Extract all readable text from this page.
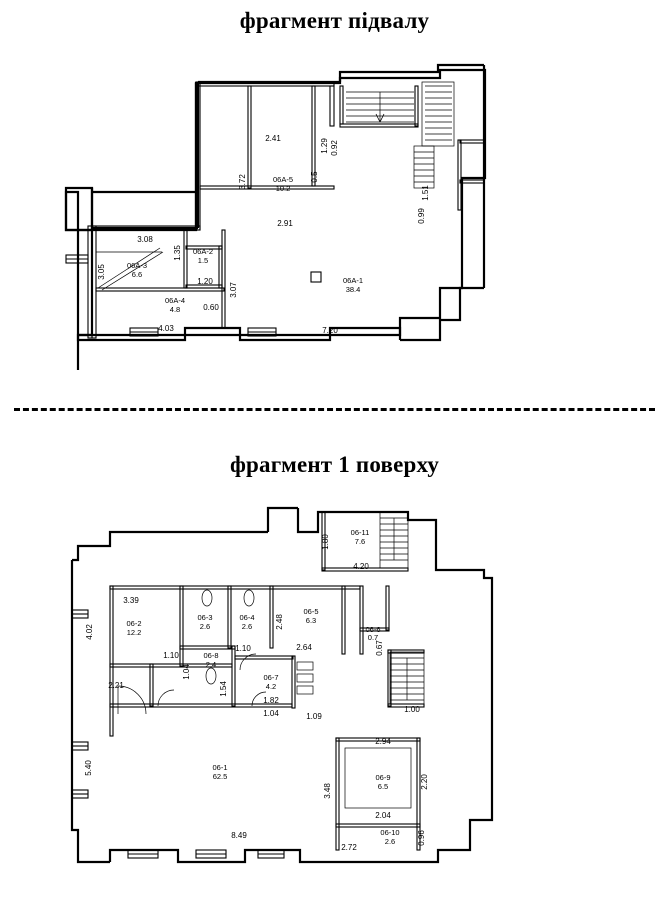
фрагмент підвалу
06A-1
38.4
06A-3
6.6
06A-4
4.8
06A-2
1.5
06A-5
10.2
2.41	1.29 0.92
3.72	0.5
1.51
2.91	0.99
3.08
1.35
3.05
1.20
3.07
0.60
4.03	7.20
фрагмент 1 поверху
06-1
62.5
06-2
12.2
06-3
2.6
06-4
2.6
06-5
6.3
06-6
0.7
06-7
4.2
06-8
2.4
06-9
6.5
06-10
2.6
06-11
7.6
1.80
4.20
3.39
4.02
2.48
1.10
1.10
1.04
2.64	0.67
1.00
2.21	1.54
1.82
1.04	1.09
5.40
2.94
2.20
3.48
2.04
2.72
0.96
8.49
